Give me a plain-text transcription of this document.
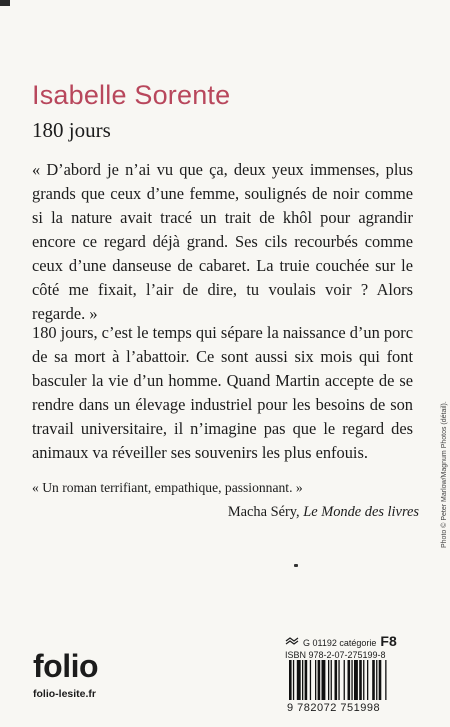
Isabelle Sorente
180 jours

« D’abord je n’ai vu que ça, deux yeux immenses, plus grands que ceux d’une femme, soulignés de noir comme si la nature avait tracé un trait de khôl pour agrandir encore ce regard déjà grand. Ses cils recourbés comme ceux d’une danseuse de cabaret. La truie couchée sur le côté me fixait, l’air de dire, tu voulais voir ? Alors regarde. »

180 jours, c’est le temps qui sépare la naissance d’un porc de sa mort à l’abattoir. Ce sont aussi six mois qui font basculer la vie d’un homme. Quand Martin accepte de se rendre dans un élevage industriel pour les besoins de son travail universitaire, il n’imagine pas que le regard des animaux va réveiller ses souvenirs les plus enfouis.

« Un roman terrifiant, empathique, passionnant. »
Macha Séry, Le Monde des livres	Photo © Peter Marlow/Magnum Photos (détail).
folio
folio-lesite.fr
G 01192
catégorie F8
ISBN 978-2-07-275199-8
9 782072 751998
